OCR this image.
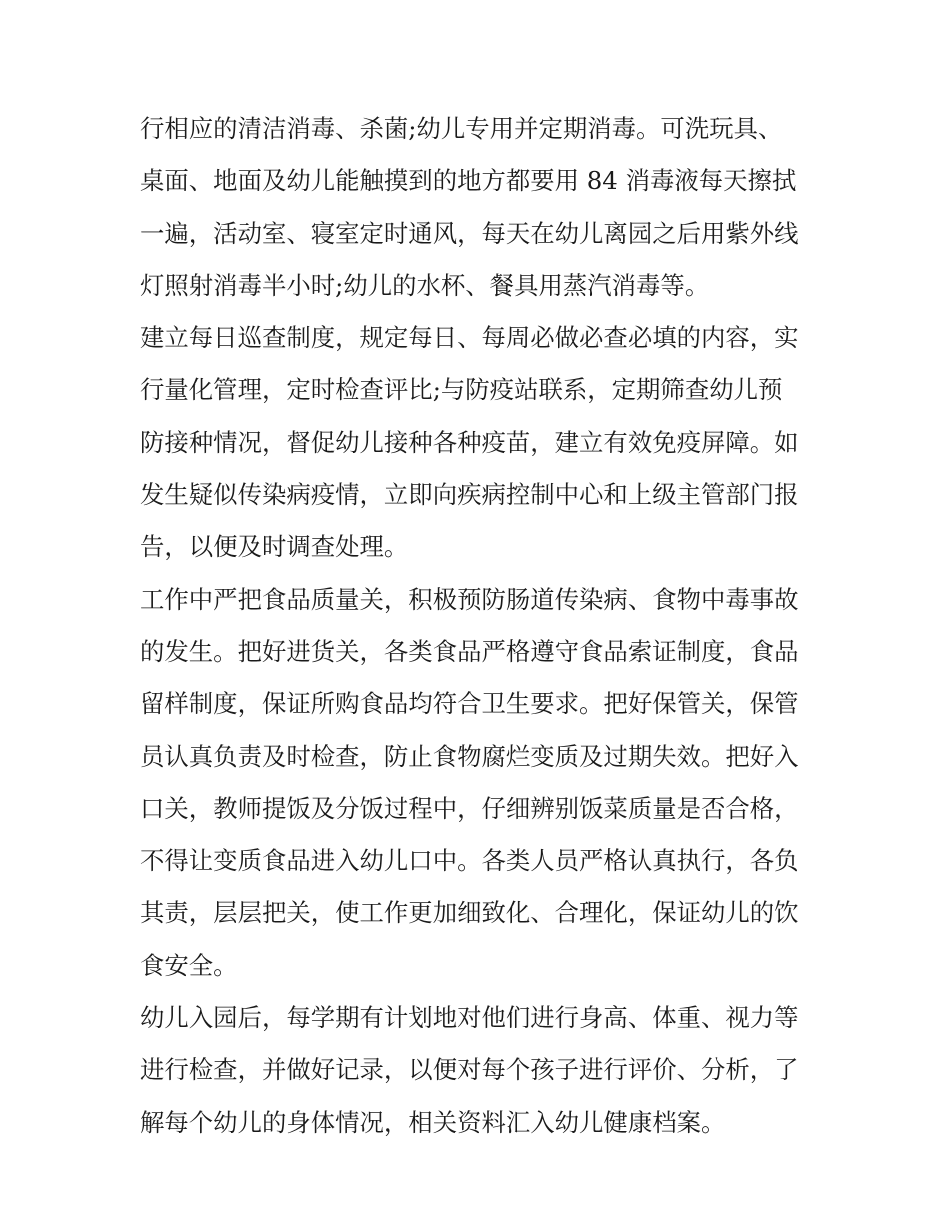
行相应的清洁消毒、杀菌;幼儿专用并定期消毒。可洗玩具、
桌面、地面及幼儿能触摸到的地方都要用 84 消毒液每天擦拭
一遍，活动室、寝室定时通风，每天在幼儿离园之后用紫外线
灯照射消毒半小时;幼儿的水杯、餐具用蒸汽消毒等。
建立每日巡查制度，规定每日、每周必做必查必填的内容，实
行量化管理，定时检查评比;与防疫站联系，定期筛查幼儿预
防接种情况，督促幼儿接种各种疫苗，建立有效免疫屏障。如
发生疑似传染病疫情，立即向疾病控制中心和上级主管部门报
告，以便及时调查处理。
工作中严把食品质量关，积极预防肠道传染病、食物中毒事故
的发生。把好进货关，各类食品严格遵守食品索证制度，食品
留样制度，保证所购食品均符合卫生要求。把好保管关，保管
员认真负责及时检查，防止食物腐烂变质及过期失效。把好入
口关，教师提饭及分饭过程中，仔细辨别饭菜质量是否合格，
不得让变质食品进入幼儿口中。各类人员严格认真执行，各负
其责，层层把关，使工作更加细致化、合理化，保证幼儿的饮
食安全。
幼儿入园后，每学期有计划地对他们进行身高、体重、视力等
进行检查，并做好记录，以便对每个孩子进行评价、分析，了
解每个幼儿的身体情况，相关资料汇入幼儿健康档案。
